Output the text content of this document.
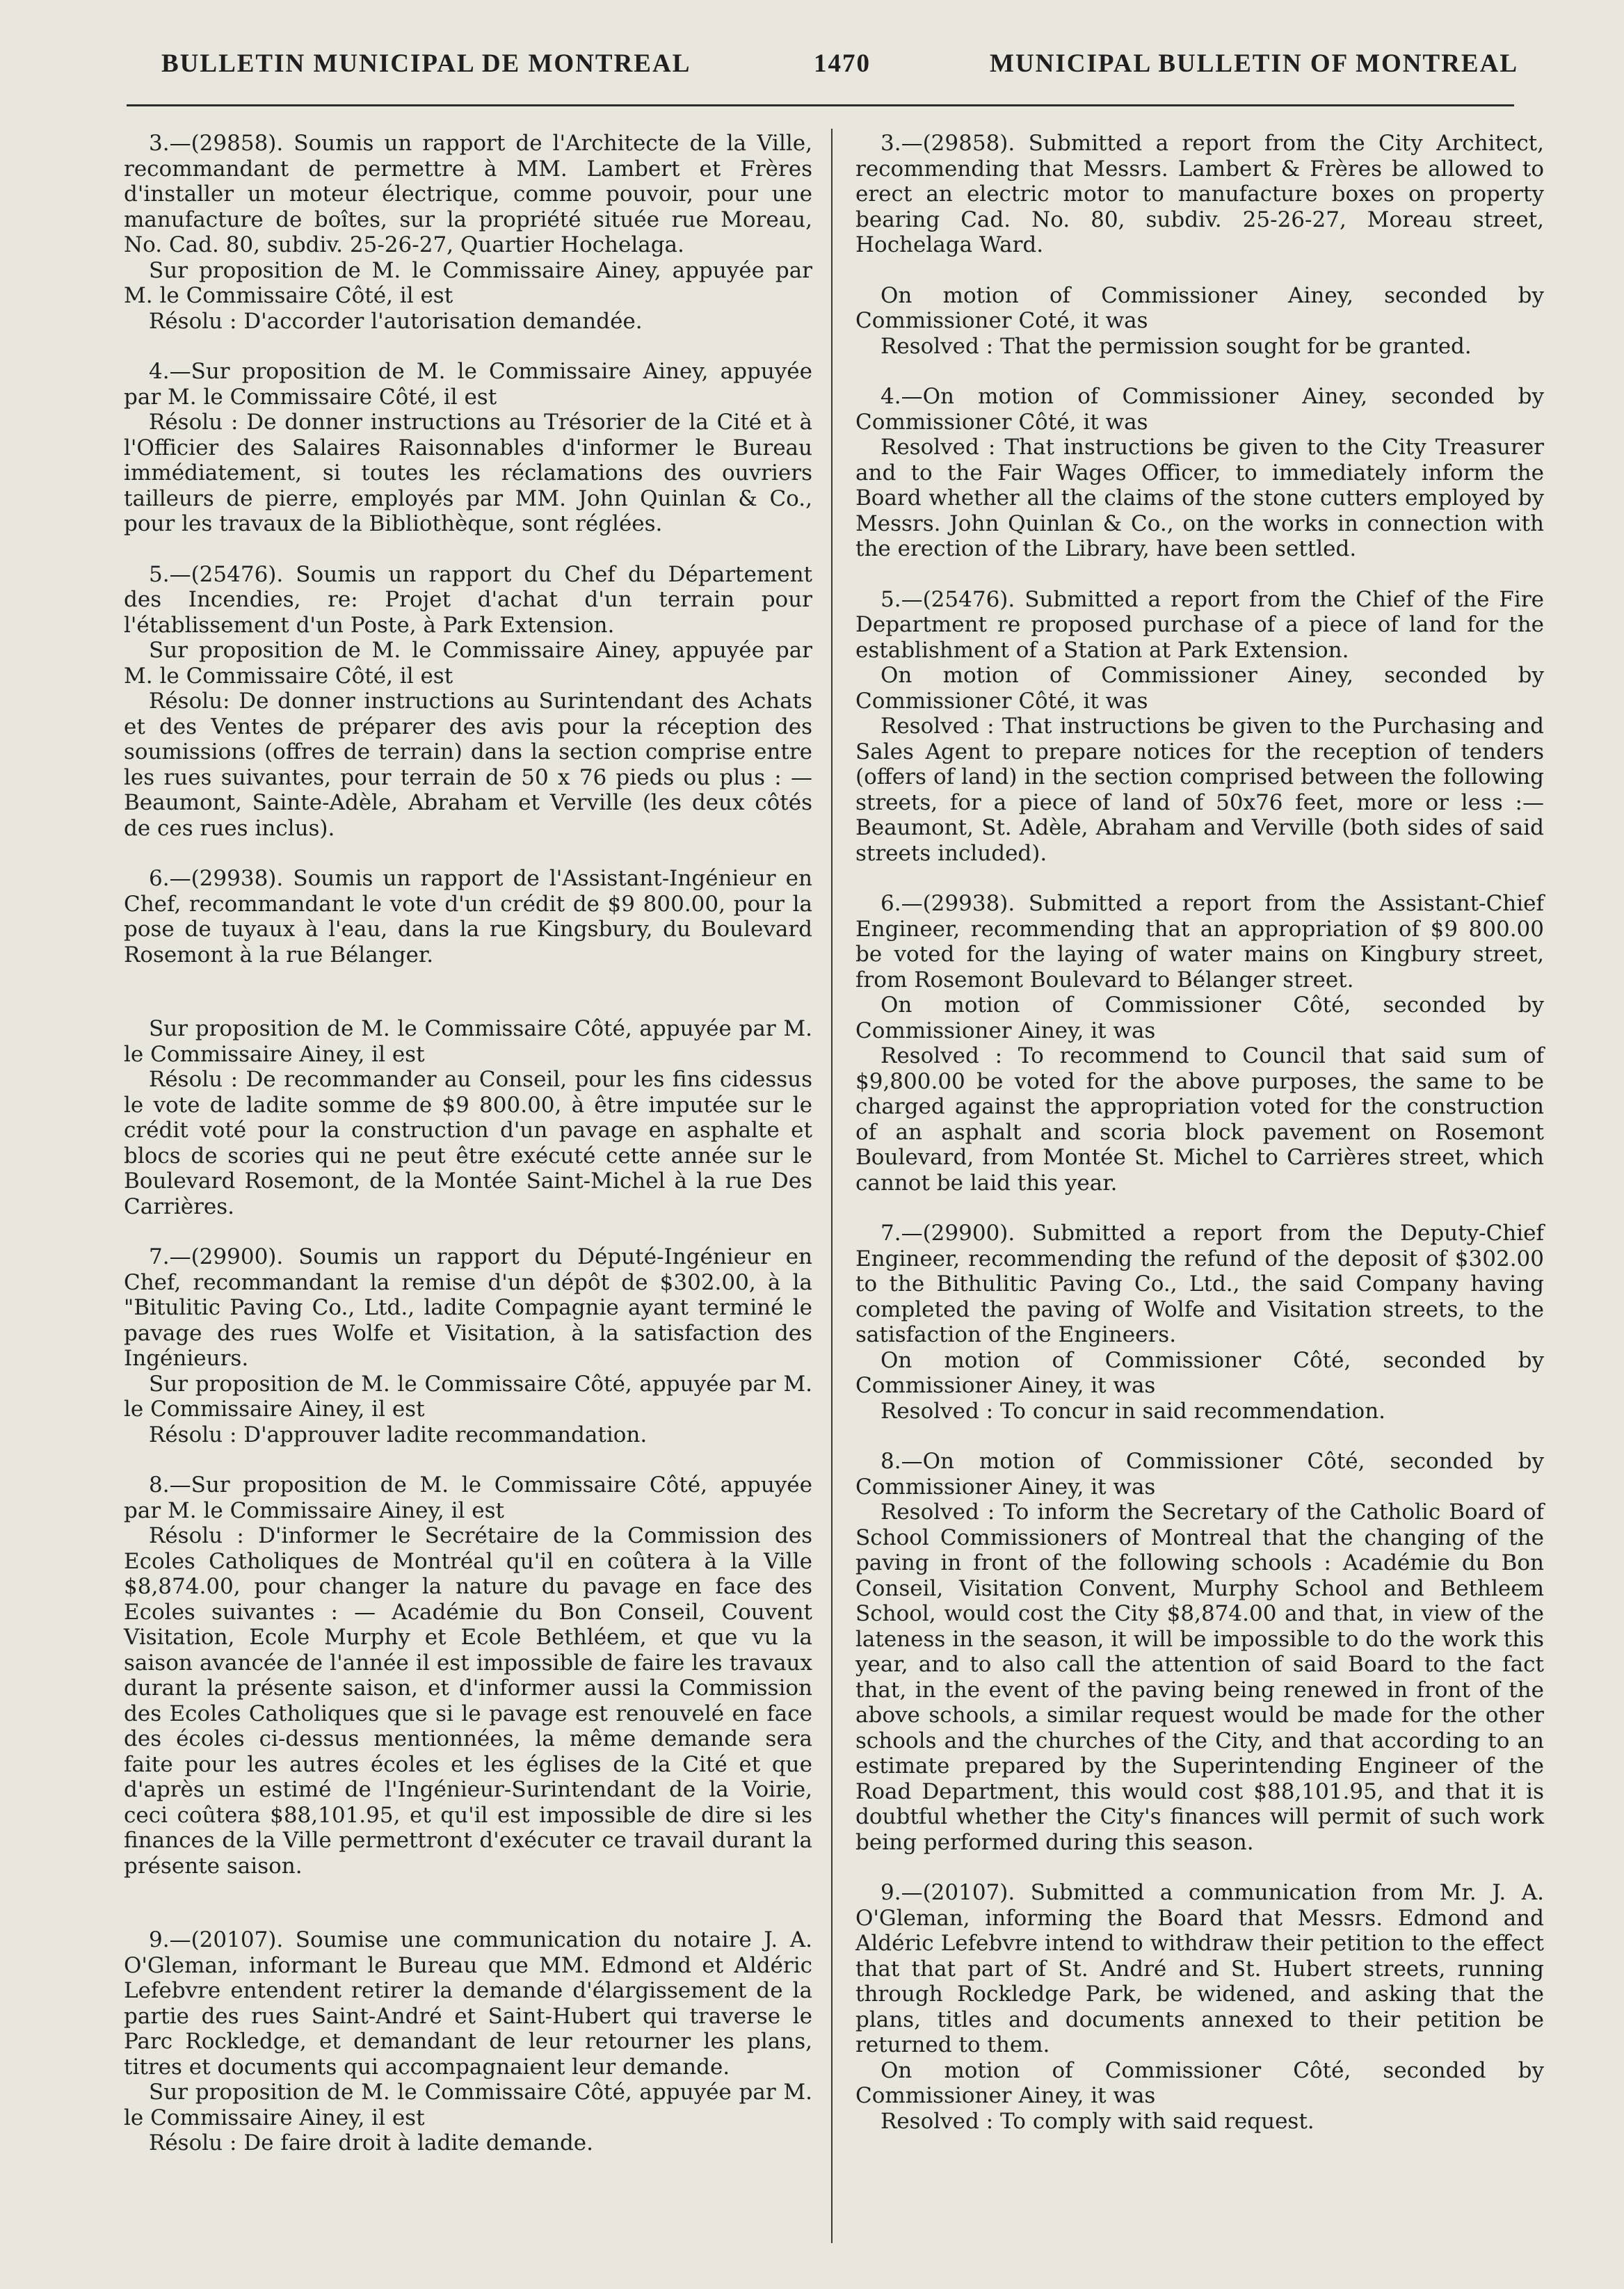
BULLETIN MUNICIPAL DE MONTREAL	1470	MUNICIPAL BULLETIN OF MONTREAL

3.—(29858). Soumis un rapport de l'Architecte de la Ville, recommandant de permettre à MM. Lambert et Frères d'installer un moteur électrique, comme pouvoir, pour une manufacture de boîtes, sur la propriété située rue Moreau, No. Cad. 80, subdiv. 25-26-27, Quartier Hochelaga.

Sur proposition de M. le Commissaire Ainey, appuyée par M. le Commissaire Côté, il est

Résolu : D'accorder l'autorisation demandée.

4.—Sur proposition de M. le Commissaire Ainey, appuyée par M. le Commissaire Côté, il est

Résolu : De donner instructions au Trésorier de la Cité et à l'Officier des Salaires Raisonnables d'informer le Bureau immédiatement, si toutes les réclamations des ouvriers tailleurs de pierre, employés par MM. John Quinlan & Co., pour les travaux de la Bibliothèque, sont réglées.

5.—(25476). Soumis un rapport du Chef du Département des Incendies, re: Projet d'achat d'un terrain pour l'établissement d'un Poste, à Park Extension.

Sur proposition de M. le Commissaire Ainey, appuyée par M. le Commissaire Côté, il est

Résolu: De donner instructions au Surintendant des Achats et des Ventes de préparer des avis pour la réception des soumissions (offres de terrain) dans la section comprise entre les rues suivantes, pour terrain de 50 x 76 pieds ou plus : — Beaumont, Sainte-Adèle, Abraham et Verville (les deux côtés de ces rues inclus).

6.—(29938). Soumis un rapport de l'Assistant-Ingénieur en Chef, recommandant le vote d'un crédit de $9 800.00, pour la pose de tuyaux à l'eau, dans la rue Kingsbury, du Boulevard Rosemont à la rue Bélanger.

Sur proposition de M. le Commissaire Côté, appuyée par M. le Commissaire Ainey, il est

Résolu : De recommander au Conseil, pour les fins cidessus le vote de ladite somme de $9 800.00, à être imputée sur le crédit voté pour la construction d'un pavage en asphalte et blocs de scories qui ne peut être exécuté cette année sur le Boulevard Rosemont, de la Montée Saint-Michel à la rue Des Carrières.

7.—(29900). Soumis un rapport du Député-Ingénieur en Chef, recommandant la remise d'un dépôt de $302.00, à la "Bitulitic Paving Co., Ltd., ladite Compagnie ayant terminé le pavage des rues Wolfe et Visitation, à la satisfaction des Ingénieurs.

Sur proposition de M. le Commissaire Côté, appuyée par M. le Commissaire Ainey, il est

Résolu : D'approuver ladite recommandation.

8.—Sur proposition de M. le Commissaire Côté, appuyée par M. le Commissaire Ainey, il est

Résolu : D'informer le Secrétaire de la Commission des Ecoles Catholiques de Montréal qu'il en coûtera à la Ville $8,874.00, pour changer la nature du pavage en face des Ecoles suivantes : — Académie du Bon Conseil, Couvent Visitation, Ecole Murphy et Ecole Bethléem, et que vu la saison avancée de l'année il est impossible de faire les travaux durant la présente saison, et d'informer aussi la Commission des Ecoles Catholiques que si le pavage est renouvelé en face des écoles ci-dessus mentionnées, la même demande sera faite pour les autres écoles et les églises de la Cité et que d'après un estimé de l'Ingénieur-Surintendant de la Voirie, ceci coûtera $88,101.95, et qu'il est impossible de dire si les finances de la Ville permettront d'exécuter ce travail durant la présente saison.

9.—(20107). Soumise une communication du notaire J. A. O'Gleman, informant le Bureau que MM. Edmond et Aldéric Lefebvre entendent retirer la demande d'élargissement de la partie des rues Saint-André et Saint-Hubert qui traverse le Parc Rockledge, et demandant de leur retourner les plans, titres et documents qui accompagnaient leur demande.

Sur proposition de M. le Commissaire Côté, appuyée par M. le Commissaire Ainey, il est

Résolu : De faire droit à ladite demande.

3.—(29858). Submitted a report from the City Architect, recommending that Messrs. Lambert & Frères be allowed to erect an electric motor to manufacture boxes on property bearing Cad. No. 80, subdiv. 25-26-27, Moreau street, Hochelaga Ward.

On motion of Commissioner Ainey, seconded by Commissioner Coté, it was

Resolved : That the permission sought for be granted.

4.—On motion of Commissioner Ainey, seconded by Commissioner Côté, it was

Resolved : That instructions be given to the City Treasurer and to the Fair Wages Officer, to immediately inform the Board whether all the claims of the stone cutters employed by Messrs. John Quinlan & Co., on the works in connection with the erection of the Library, have been settled.

5.—(25476). Submitted a report from the Chief of the Fire Department re proposed purchase of a piece of land for the establishment of a Station at Park Extension.

On motion of Commissioner Ainey, seconded by Commissioner Côté, it was

Resolved : That instructions be given to the Purchasing and Sales Agent to prepare notices for the reception of tenders (offers of land) in the section comprised between the following streets, for a piece of land of 50x76 feet, more or less :—Beaumont, St. Adèle, Abraham and Verville (both sides of said streets included).

6.—(29938). Submitted a report from the Assistant-Chief Engineer, recommending that an appropriation of $9 800.00 be voted for the laying of water mains on Kingbury street, from Rosemont Boulevard to Bélanger street.

On motion of Commissioner Côté, seconded by Commissioner Ainey, it was

Resolved : To recommend to Council that said sum of $9,800.00 be voted for the above purposes, the same to be charged against the appropriation voted for the construction of an asphalt and scoria block pavement on Rosemont Boulevard, from Montée St. Michel to Carrières street, which cannot be laid this year.

7.—(29900). Submitted a report from the Deputy-Chief Engineer, recommending the refund of the deposit of $302.00 to the Bithulitic Paving Co., Ltd., the said Company having completed the paving of Wolfe and Visitation streets, to the satisfaction of the Engineers.

On motion of Commissioner Côté, seconded by Commissioner Ainey, it was

Resolved : To concur in said recommendation.

8.—On motion of Commissioner Côté, seconded by Commissioner Ainey, it was

Resolved : To inform the Secretary of the Catholic Board of School Commissioners of Montreal that the changing of the paving in front of the following schools : Académie du Bon Conseil, Visitation Convent, Murphy School and Bethleem School, would cost the City $8,874.00 and that, in view of the lateness in the season, it will be impossible to do the work this year, and to also call the attention of said Board to the fact that, in the event of the paving being renewed in front of the above schools, a similar request would be made for the other schools and the churches of the City, and that according to an estimate prepared by the Superintending Engineer of the Road Department, this would cost $88,101.95, and that it is doubtful whether the City's finances will permit of such work being performed during this season.

9.—(20107). Submitted a communication from Mr. J. A. O'Gleman, informing the Board that Messrs. Edmond and Aldéric Lefebvre intend to withdraw their petition to the effect that that part of St. André and St. Hubert streets, running through Rockledge Park, be widened, and asking that the plans, titles and documents annexed to their petition be returned to them.

On motion of Commissioner Côté, seconded by Commissioner Ainey, it was

Resolved : To comply with said request.
